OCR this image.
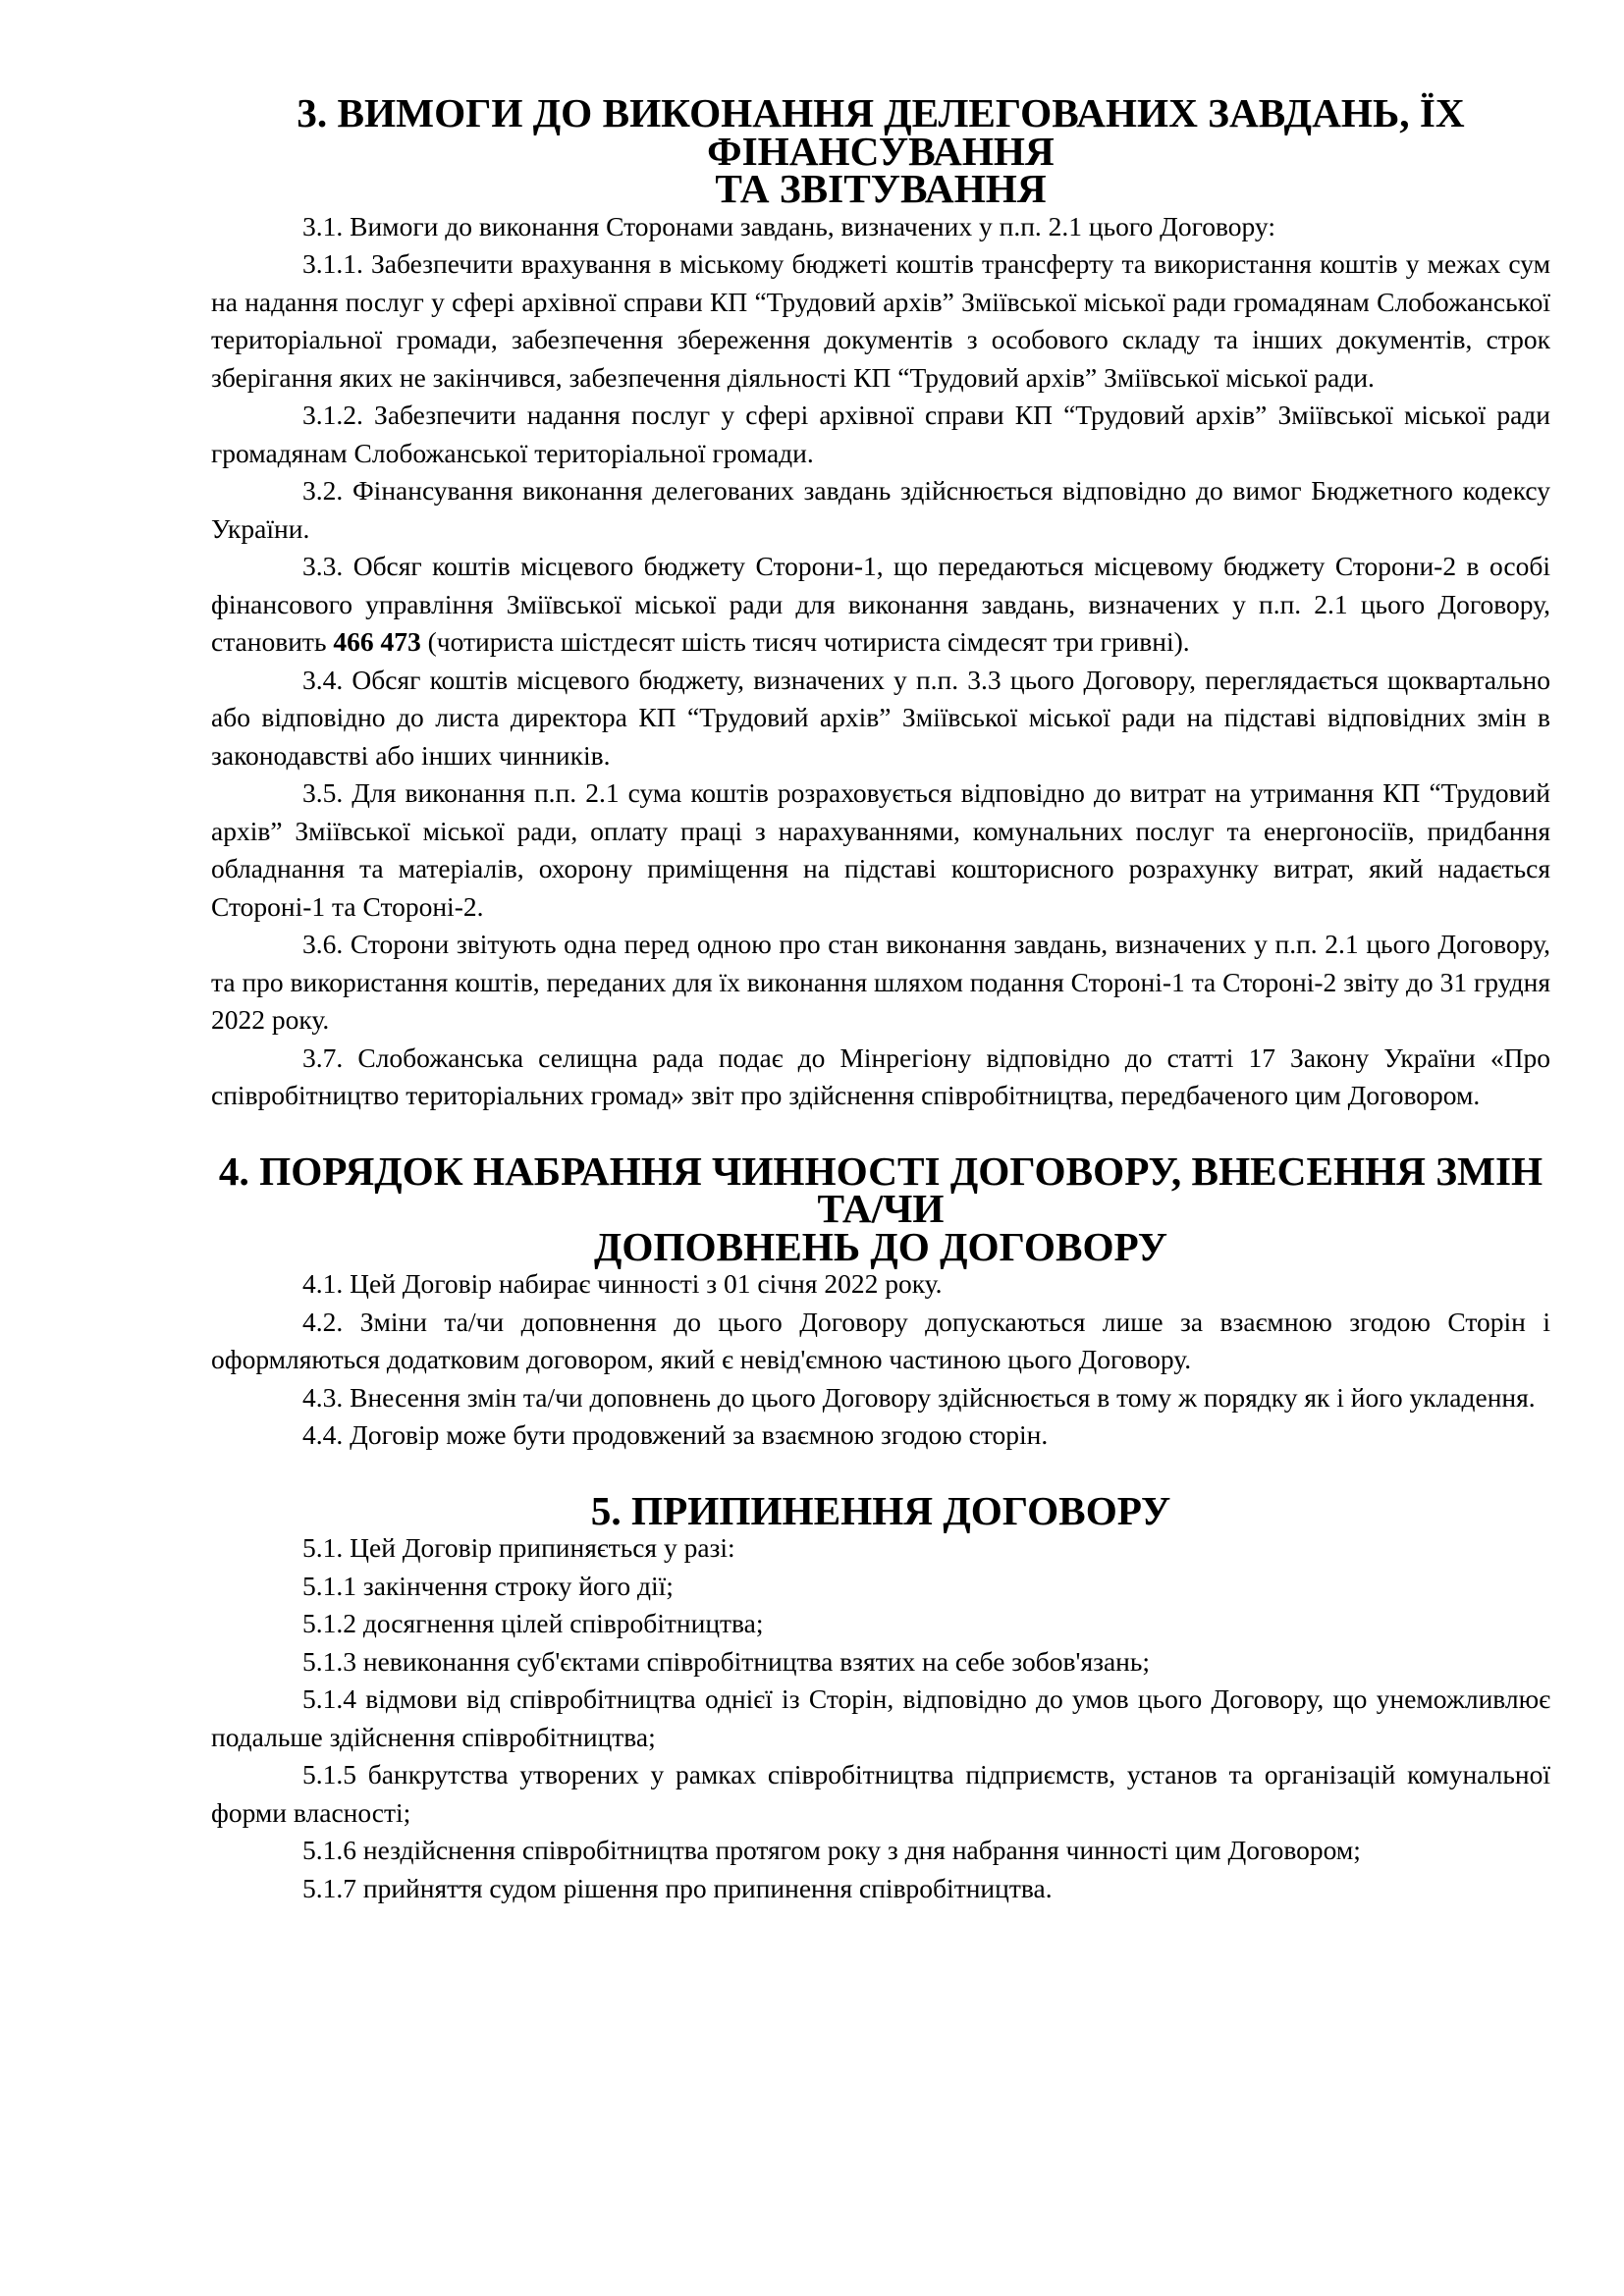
3. ВИМОГИ ДО ВИКОНАННЯ ДЕЛЕГОВАНИХ ЗАВДАНЬ, ЇХ ФІНАНСУВАННЯ
ТА ЗВІТУВАННЯ

3.1. Вимоги до виконання Сторонами завдань, визначених у п.п. 2.1 цього Договору:

3.1.1. Забезпечити врахування в міському бюджеті коштів трансферту та використання коштів у межах сум на надання послуг у сфері архівної справи КП “Трудовий архів” Зміївської міської ради громадянам Слобожанської територіальної громади, забезпечення збереження документів з особового складу та інших документів, строк зберігання яких не закінчився, забезпечення діяльності КП “Трудовий архів” Зміївської міської ради.

3.1.2. Забезпечити надання послуг у сфері архівної справи КП “Трудовий архів” Зміївської міської ради громадянам Слобожанської територіальної громади.

3.2. Фінансування виконання делегованих завдань здійснюється відповідно до вимог Бюджетного кодексу України.

3.3. Обсяг коштів місцевого бюджету Сторони-1, що передаються місцевому бюджету Сторони-2 в особі фінансового управління Зміївської міської ради для виконання завдань, визначених у п.п. 2.1 цього Договору, становить 466 473 (чотириста шістдесят шість тисяч чотириста сімдесят три гривні).

3.4. Обсяг коштів місцевого бюджету, визначених у п.п. 3.3 цього Договору, переглядається щоквартально або відповідно до листа директора КП “Трудовий архів” Зміївської міської ради на підставі відповідних змін в законодавстві або інших чинників.

3.5. Для виконання п.п. 2.1 сума коштів розраховується відповідно до витрат на утримання КП “Трудовий архів” Зміївської міської ради, оплату праці з нарахуваннями, комунальних послуг та енергоносіїв, придбання обладнання та матеріалів, охорону приміщення на підставі кошторисного розрахунку витрат, який надається Стороні-1 та Стороні-2.

3.6. Сторони звітують одна перед одною про стан виконання завдань, визначених у п.п. 2.1 цього Договору, та про використання коштів, переданих для їх виконання шляхом подання Стороні-1 та Стороні-2 звіту до 31 грудня 2022 року.

3.7. Слобожанська селищна рада подає до Мінрегіону відповідно до статті 17 Закону України «Про співробітництво територіальних громад» звіт про здійснення співробітництва, передбаченого цим Договором.

4. ПОРЯДОК НАБРАННЯ ЧИННОСТІ ДОГОВОРУ, ВНЕСЕННЯ ЗМІН ТА/ЧИ
ДОПОВНЕНЬ ДО ДОГОВОРУ

4.1. Цей Договір набирає чинності з 01 січня 2022 року.

4.2. Зміни та/чи доповнення до цього Договору допускаються лише за взаємною згодою Сторін і оформляються додатковим договором, який є невід'ємною частиною цього Договору.

4.3. Внесення змін та/чи доповнень до цього Договору здійснюється в тому ж порядку як і його укладення.

4.4. Договір може бути продовжений за взаємною згодою сторін.

5. ПРИПИНЕННЯ ДОГОВОРУ

5.1. Цей Договір припиняється у разі:

5.1.1 закінчення строку його дії;

5.1.2 досягнення цілей співробітництва;

5.1.3 невиконання суб'єктами співробітництва взятих на себе зобов'язань;

5.1.4 відмови від співробітництва однієї із Сторін, відповідно до умов цього Договору, що унеможливлює подальше здійснення співробітництва;

5.1.5 банкрутства утворених у рамках співробітництва підприємств, установ та організацій комунальної форми власності;

5.1.6 нездійснення співробітництва протягом року з дня набрання чинності цим Договором;

5.1.7 прийняття судом рішення про припинення співробітництва.
